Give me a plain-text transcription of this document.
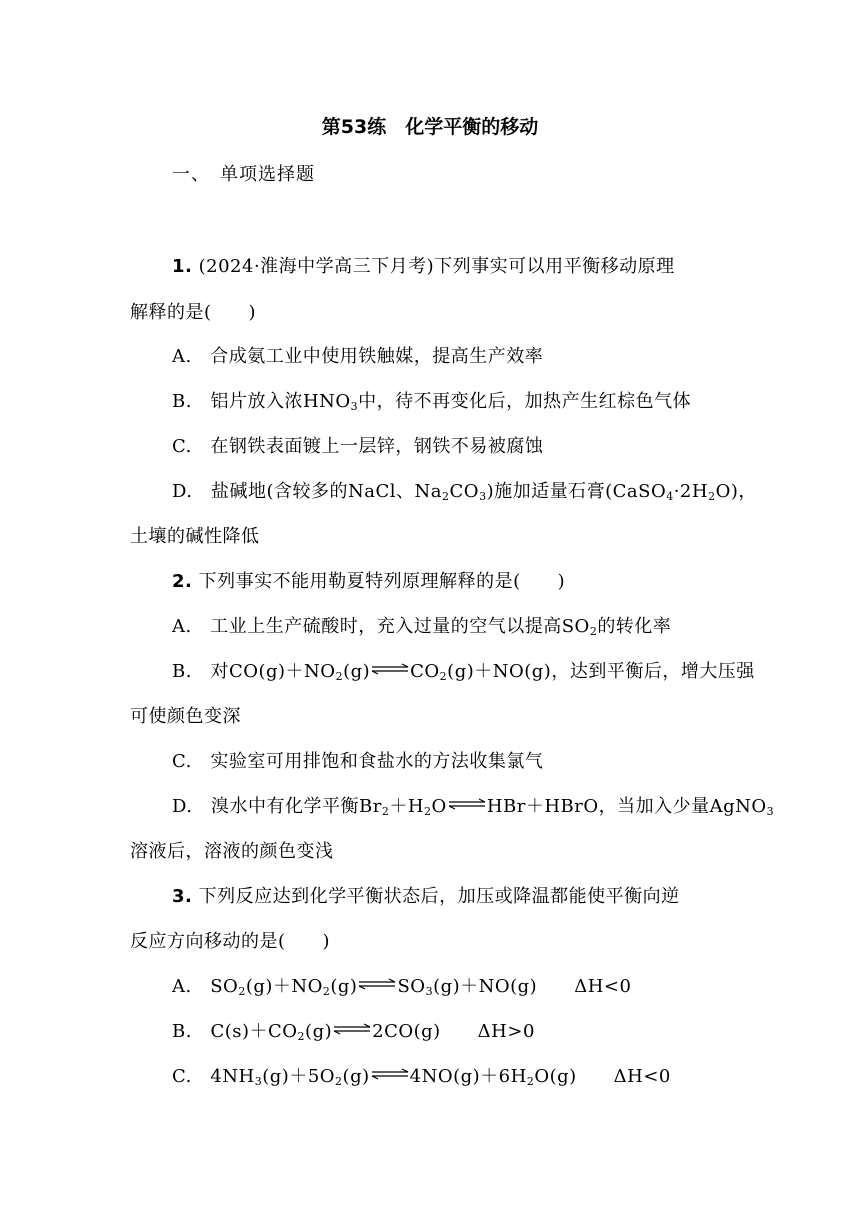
第53练　化学平衡的移动
一、　单项选择题
1. (2024·淮海中学高三下月考)下列事实可以用平衡移动原理
解释的是(　　)
A.　合成氨工业中使用铁触媒，提高生产效率
B.　铝片放入浓$HNO_3$中，待不再变化后，加热产生红棕色气体
C.　在钢铁表面镀上一层锌，钢铁不易被腐蚀
D.　盐碱地(含较多的NaCl、$Na_2CO_3$)施加适量石膏$(CaSO_4\cdot 2H_2O)$，
土壤的碱性降低
2. 下列事实不能用勒夏特列原理解释的是(　　)
A.　工业上生产硫酸时，充入过量的空气以提高$SO_2$的转化率
B.　对$CO(g)+NO_2(g)$ $CO_2(g)+NO(g)$，达到平衡后，增大压强
可使颜色变深
C.　实验室可用排饱和食盐水的方法收集氯气
D.　溴水中有化学平衡$Br_2+H_2O$ HBr＋HBrO，当加入少量AgNO$_3$
溶液后，溶液的颜色变浅
3. 下列反应达到化学平衡状态后，加压或降温都能使平衡向逆
反应方向移动的是(　　)
A.　$SO_2(g)+NO_2(g)$ $SO_3(g)+NO(g)$　　ΔH<0
B.　$C(s)+CO_2(g)$ 2CO(g)　　ΔH>0
C.　$4NH_3(g)+5O_2(g)$ $4NO(g)+6H_2O(g)$　　ΔH<0
